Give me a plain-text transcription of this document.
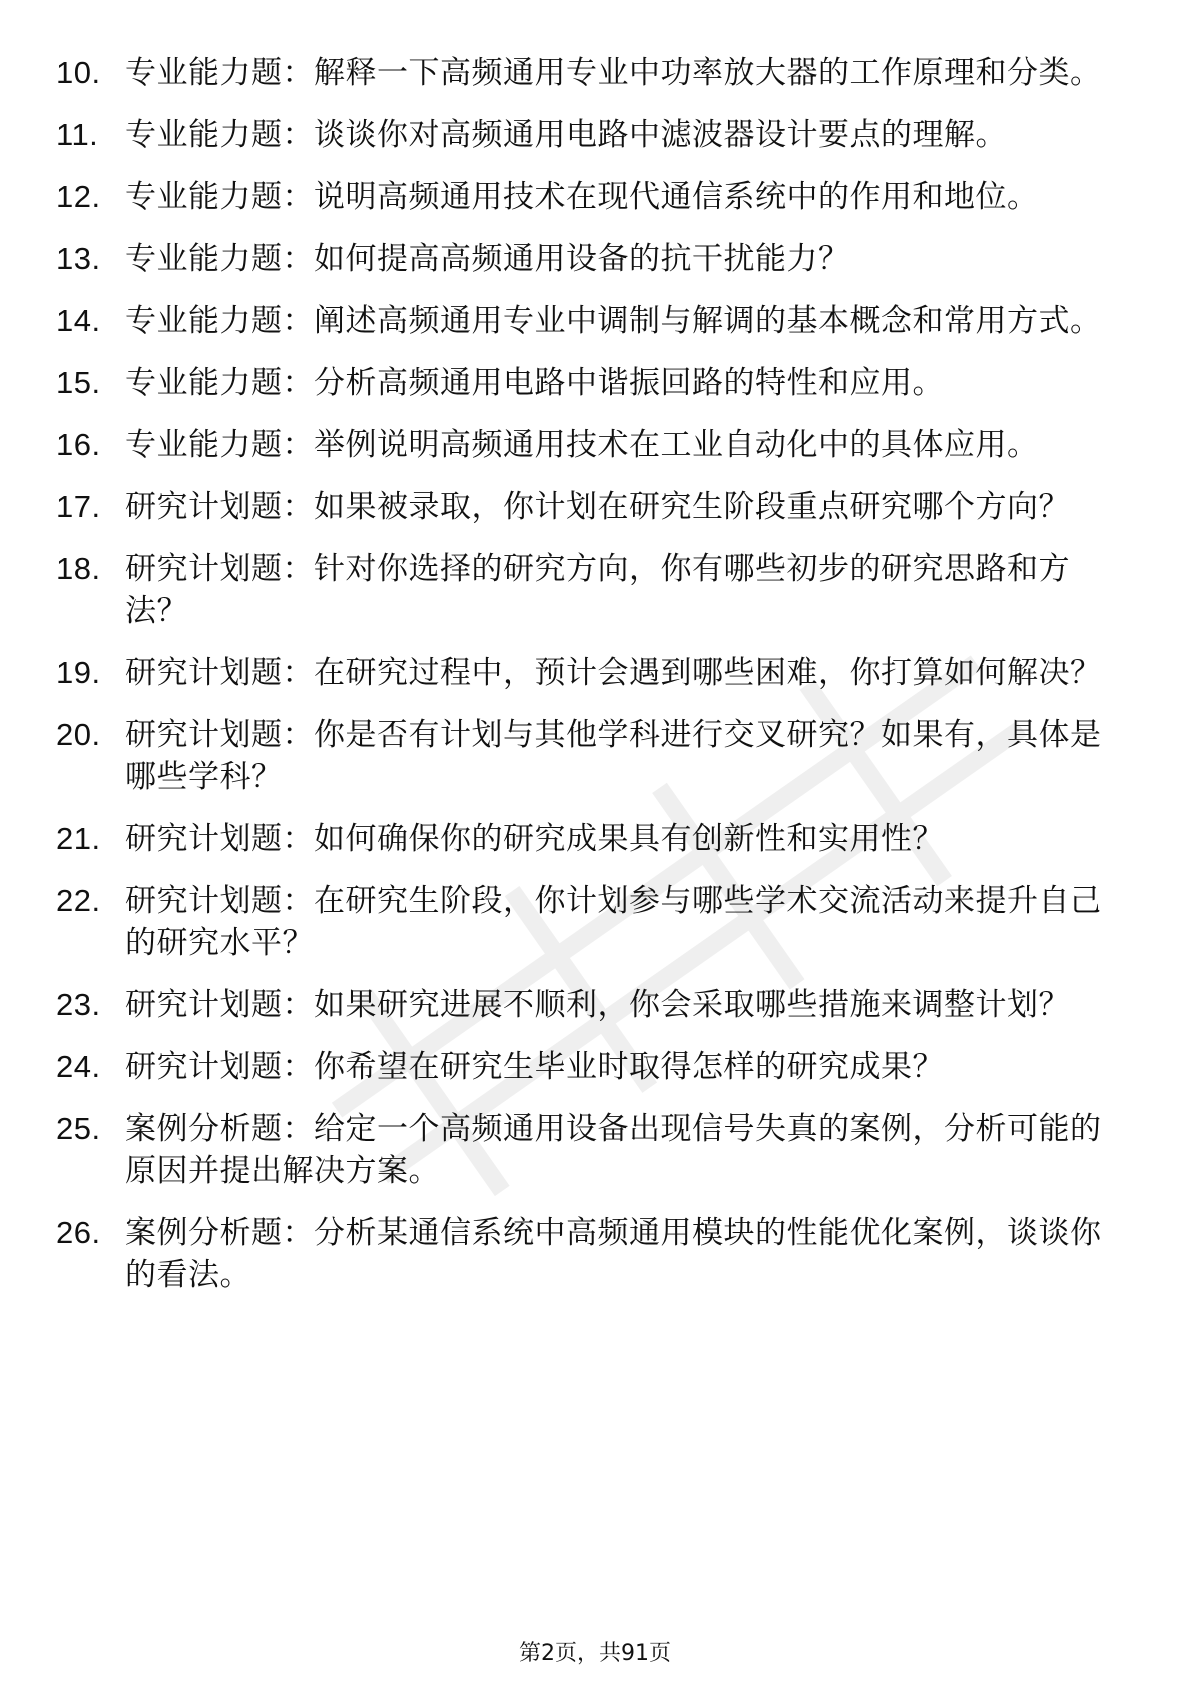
10. 专业能力题：解释一下高频通用专业中功率放大器的工作原理和分类。
11. 专业能力题：谈谈你对高频通用电路中滤波器设计要点的理解。
12. 专业能力题：说明高频通用技术在现代通信系统中的作用和地位。
13. 专业能力题：如何提高高频通用设备的抗干扰能力？
14. 专业能力题：阐述高频通用专业中调制与解调的基本概念和常用方式。
15. 专业能力题：分析高频通用电路中谐振回路的特性和应用。
16. 专业能力题：举例说明高频通用技术在工业自动化中的具体应用。
17. 研究计划题：如果被录取，你计划在研究生阶段重点研究哪个方向？
18. 研究计划题：针对你选择的研究方向，你有哪些初步的研究思路和方法？
19. 研究计划题：在研究过程中，预计会遇到哪些困难，你打算如何解决？
20. 研究计划题：你是否有计划与其他学科进行交叉研究？如果有，具体是哪些学科？
21. 研究计划题：如何确保你的研究成果具有创新性和实用性？
22. 研究计划题：在研究生阶段，你计划参与哪些学术交流活动来提升自己的研究水平？
23. 研究计划题：如果研究进展不顺利，你会采取哪些措施来调整计划？
24. 研究计划题：你希望在研究生毕业时取得怎样的研究成果？
25. 案例分析题：给定一个高频通用设备出现信号失真的案例，分析可能的原因并提出解决方案。
26. 案例分析题：分析某通信系统中高频通用模块的性能优化案例，谈谈你的看法。
第2页，共91页
